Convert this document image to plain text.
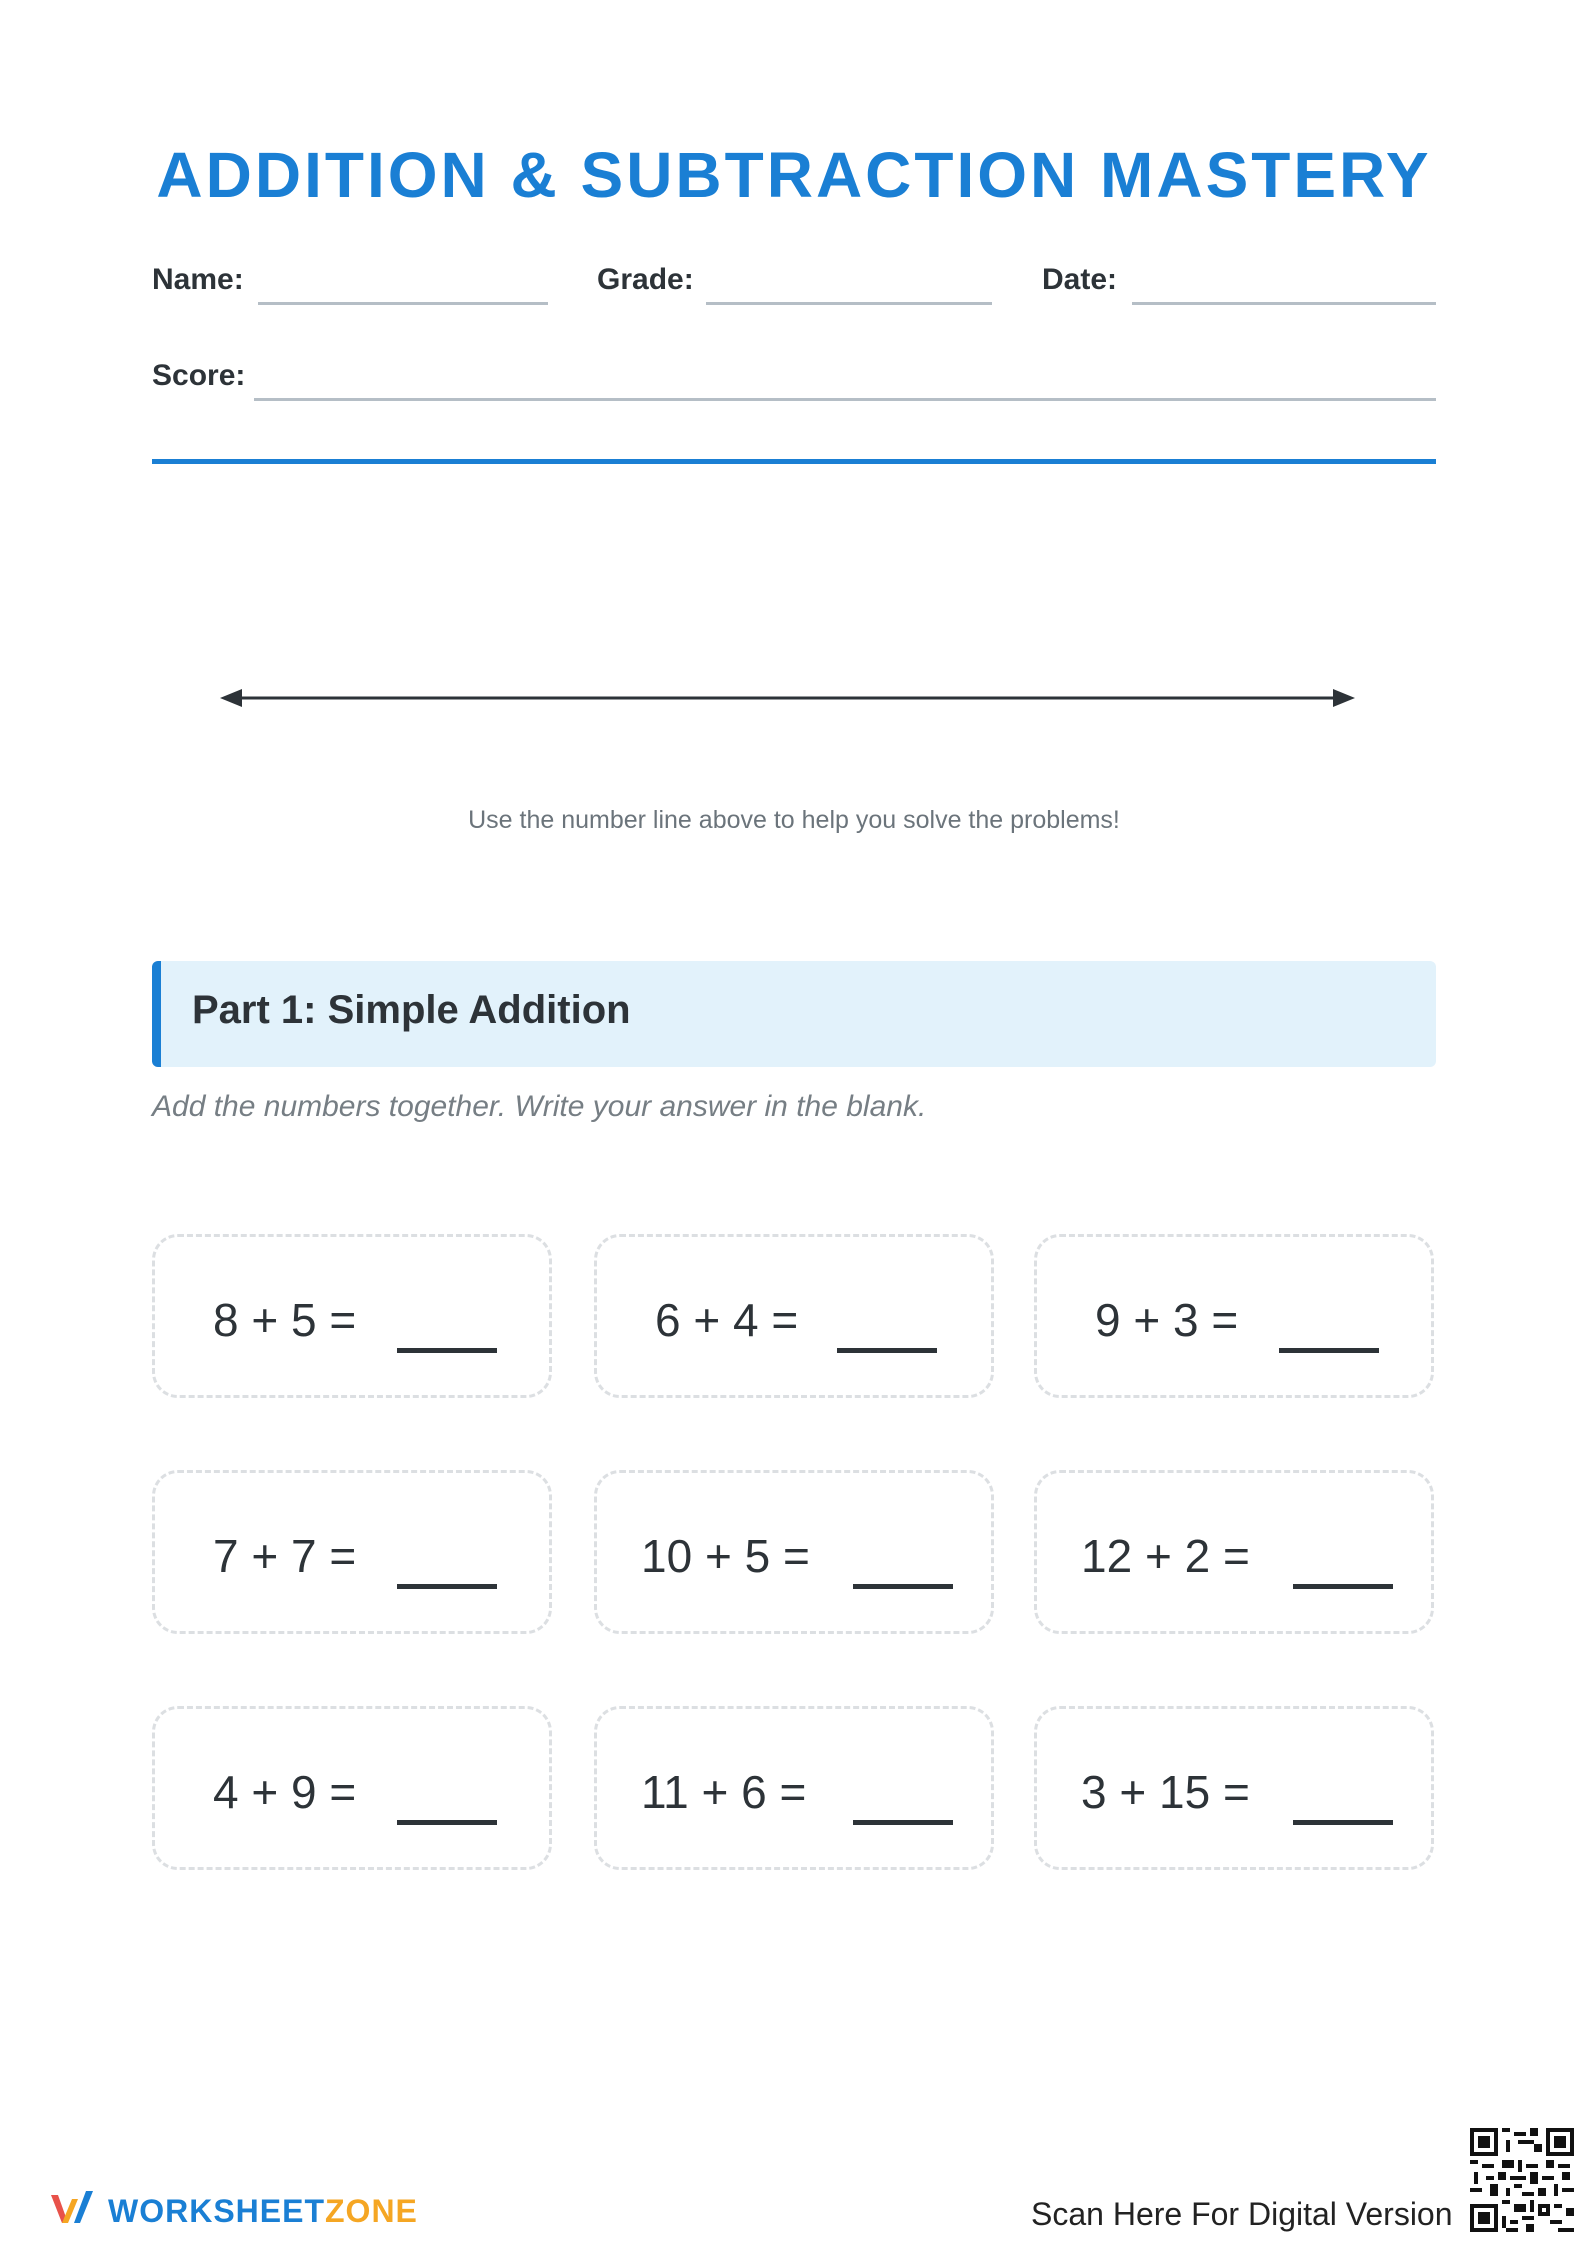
ADDITION & SUBTRACTION MASTERY
Name:	Grade:	Date:
Score:
Use the number line above to help you solve the problems!
Part 1: Simple Addition
Add the numbers together. Write your answer in the blank.
8 + 5 =	6 + 4 =	9 + 3 =
7 + 7 =	10 + 5 =	12 + 2 =
4 + 9 =	11 + 6 =	3 + 15 =
WORKSHEETZONE	Scan Here For Digital Version
